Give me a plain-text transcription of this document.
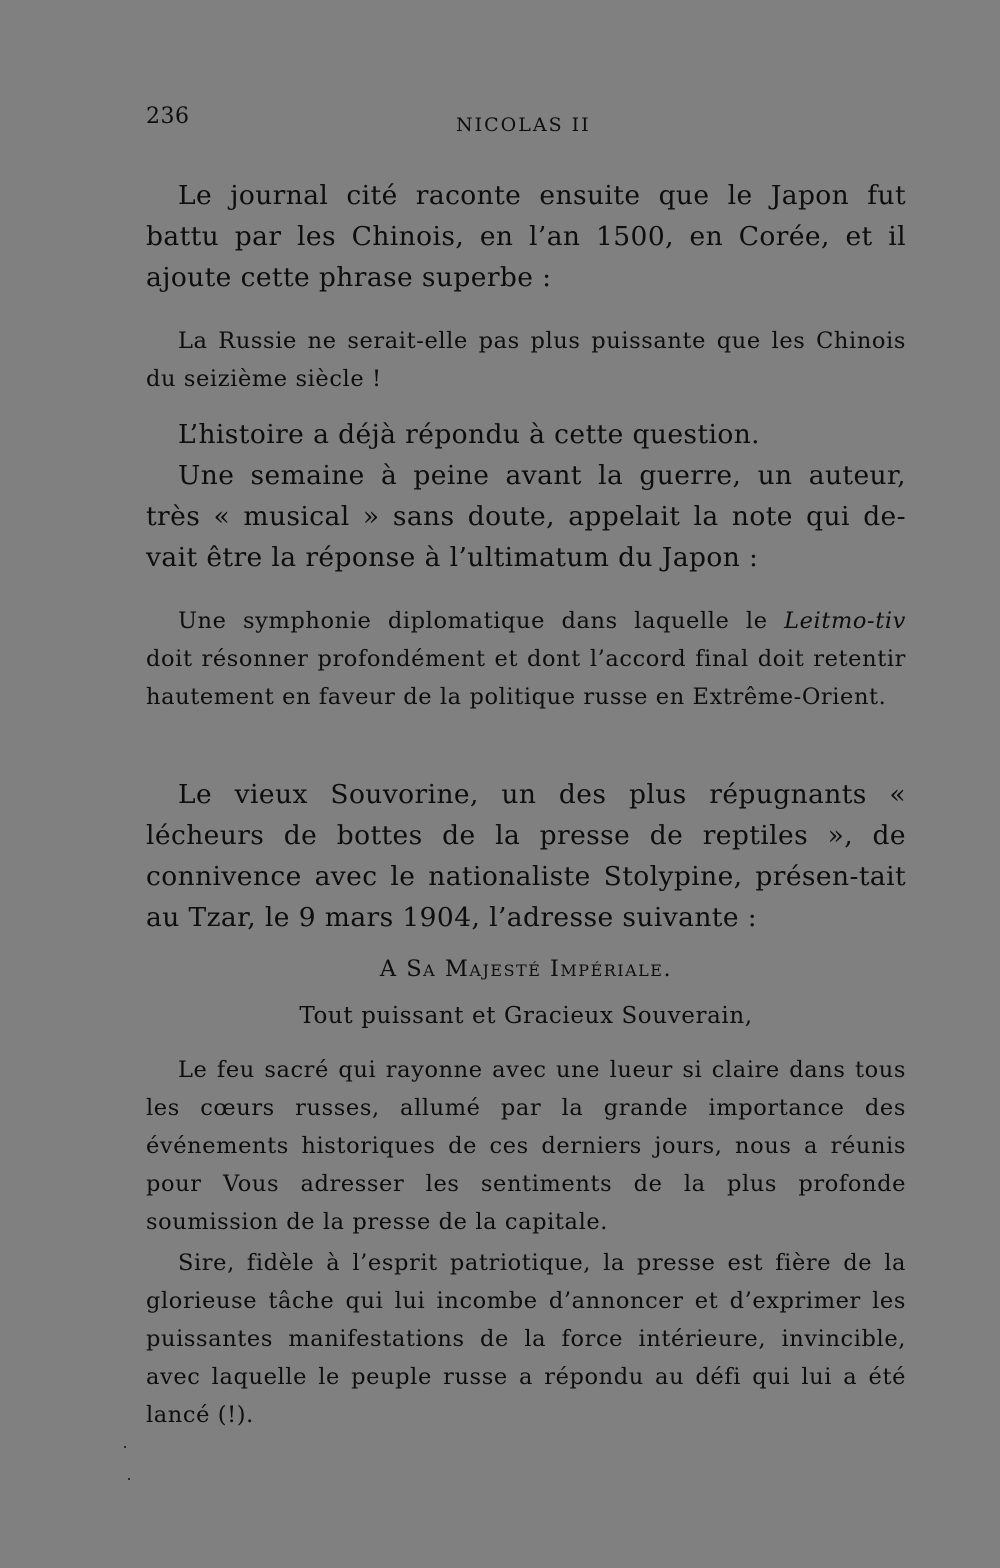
236	NICOLAS II

Le journal cité raconte ensuite que le Japon fut battu par les Chinois, en l’an 1500, en Corée, et il ajoute cette phrase superbe :

La Russie ne serait-elle pas plus puissante que les Chinois du seizième siècle !

L’histoire a déjà répondu à cette question.

Une semaine à peine avant la guerre, un auteur, très « musical » sans doute, appelait la note qui de-vait être la réponse à l’ultimatum du Japon :

Une symphonie diplomatique dans laquelle le Leitmo-tiv doit résonner profondément et dont l’accord final doit retentir hautement en faveur de la politique russe en Extrême-Orient.

Le vieux Souvorine, un des plus répugnants « lécheurs de bottes de la presse de reptiles », de connivence avec le nationaliste Stolypine, présen-tait au Tzar, le 9 mars 1904, l’adresse suivante :

A Sa Majesté Impériale.

Tout puissant et Gracieux Souverain,

Le feu sacré qui rayonne avec une lueur si claire dans tous les cœurs russes, allumé par la grande importance des événements historiques de ces derniers jours, nous a réunis pour Vous adresser les sentiments de la plus profonde soumission de la presse de la capitale.

Sire, fidèle à l’esprit patriotique, la presse est fière de la glorieuse tâche qui lui incombe d’annoncer et d’exprimer les puissantes manifestations de la force intérieure, invincible, avec laquelle le peuple russe a répondu au défi qui lui a été lancé (!).
